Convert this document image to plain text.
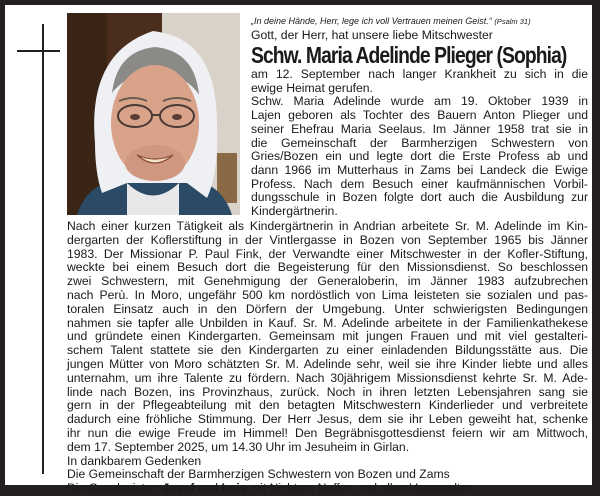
„In deine Hände, Herr, lege ich voll Vertrauen meinen Geist.“ (Psalm 31)
Gott, der Herr, hat unsere liebe Mitschwester
Schw. Maria Adelinde Plieger (Sophia)
am 12. September nach langer Krankheit zu sich in die
ewige Heimat gerufen.
Schw. Maria Adelinde wurde am 19. Oktober 1939 in
Lajen geboren als Tochter des Bauern Anton Plieger und
seiner Ehefrau Maria Seelaus. Im Jänner 1958 trat sie in
die Gemeinschaft der Barmherzigen Schwestern von
Gries/Bozen ein und legte dort die Erste Profess ab und
dann 1966 im Mutterhaus in Zams bei Landeck die Ewige
Profess. Nach dem Besuch einer kaufmännischen Vorbil-
dungsschule in Bozen folgte dort auch die Ausbildung zur
Kindergärtnerin.
Nach einer kurzen Tätigkeit als Kindergärtnerin in Andrian arbeitete Sr. M. Adelinde im Kin-
dergarten der Koflerstiftung in der Vintlergasse in Bozen von September 1965 bis Jänner
1983. Der Missionar P. Paul Fink, der Verwandte einer Mitschwester in der Kofler-Stiftung,
weckte bei einem Besuch dort die Begeisterung für den Missionsdienst. So beschlossen
zwei Schwestern, mit Genehmigung der Generaloberin, im Jänner 1983 aufzubrechen
nach Perù. In Moro, ungefähr 500 km nordöstlich von Lima leisteten sie sozialen und pas-
toralen Einsatz auch in den Dörfern der Umgebung. Unter schwierigsten Bedingungen
nahmen sie tapfer alle Unbilden in Kauf. Sr. M. Adelinde arbeitete in der Familienkathekese
und gründete einen Kindergarten. Gemeinsam mit jungen Frauen und mit viel gestalteri-
schem Talent stattete sie den Kindergarten zu einer einladenden Bildungsstätte aus. Die
jungen Mütter von Moro schätzten Sr. M. Adelinde sehr, weil sie ihre Kinder liebte und alles
unternahm, um ihre Talente zu fördern. Nach 30jährigem Missionsdienst kehrte Sr. M. Ade-
linde nach Bozen, ins Provinzhaus, zurück. Noch in ihren letzten Lebensjahren sang sie
gern in der Pflegeabteilung mit den betagten Mitschwestern Kinderlieder und verbreitete
dadurch eine fröhliche Stimmung. Der Herr Jesus, dem sie ihr Leben geweiht hat, schenke
ihr nun die ewige Freude im Himmel! Den Begräbnisgottesdienst feiern wir am Mittwoch,
dem 17. September 2025, um 14.30 Uhr im Jesuheim in Girlan.
In dankbarem Gedenken
Die Gemeinschaft der Barmherzigen Schwestern von Bozen und Zams
Die Geschwister: Josef und Luis mit Nichten, Neffen und allen Verwandten
